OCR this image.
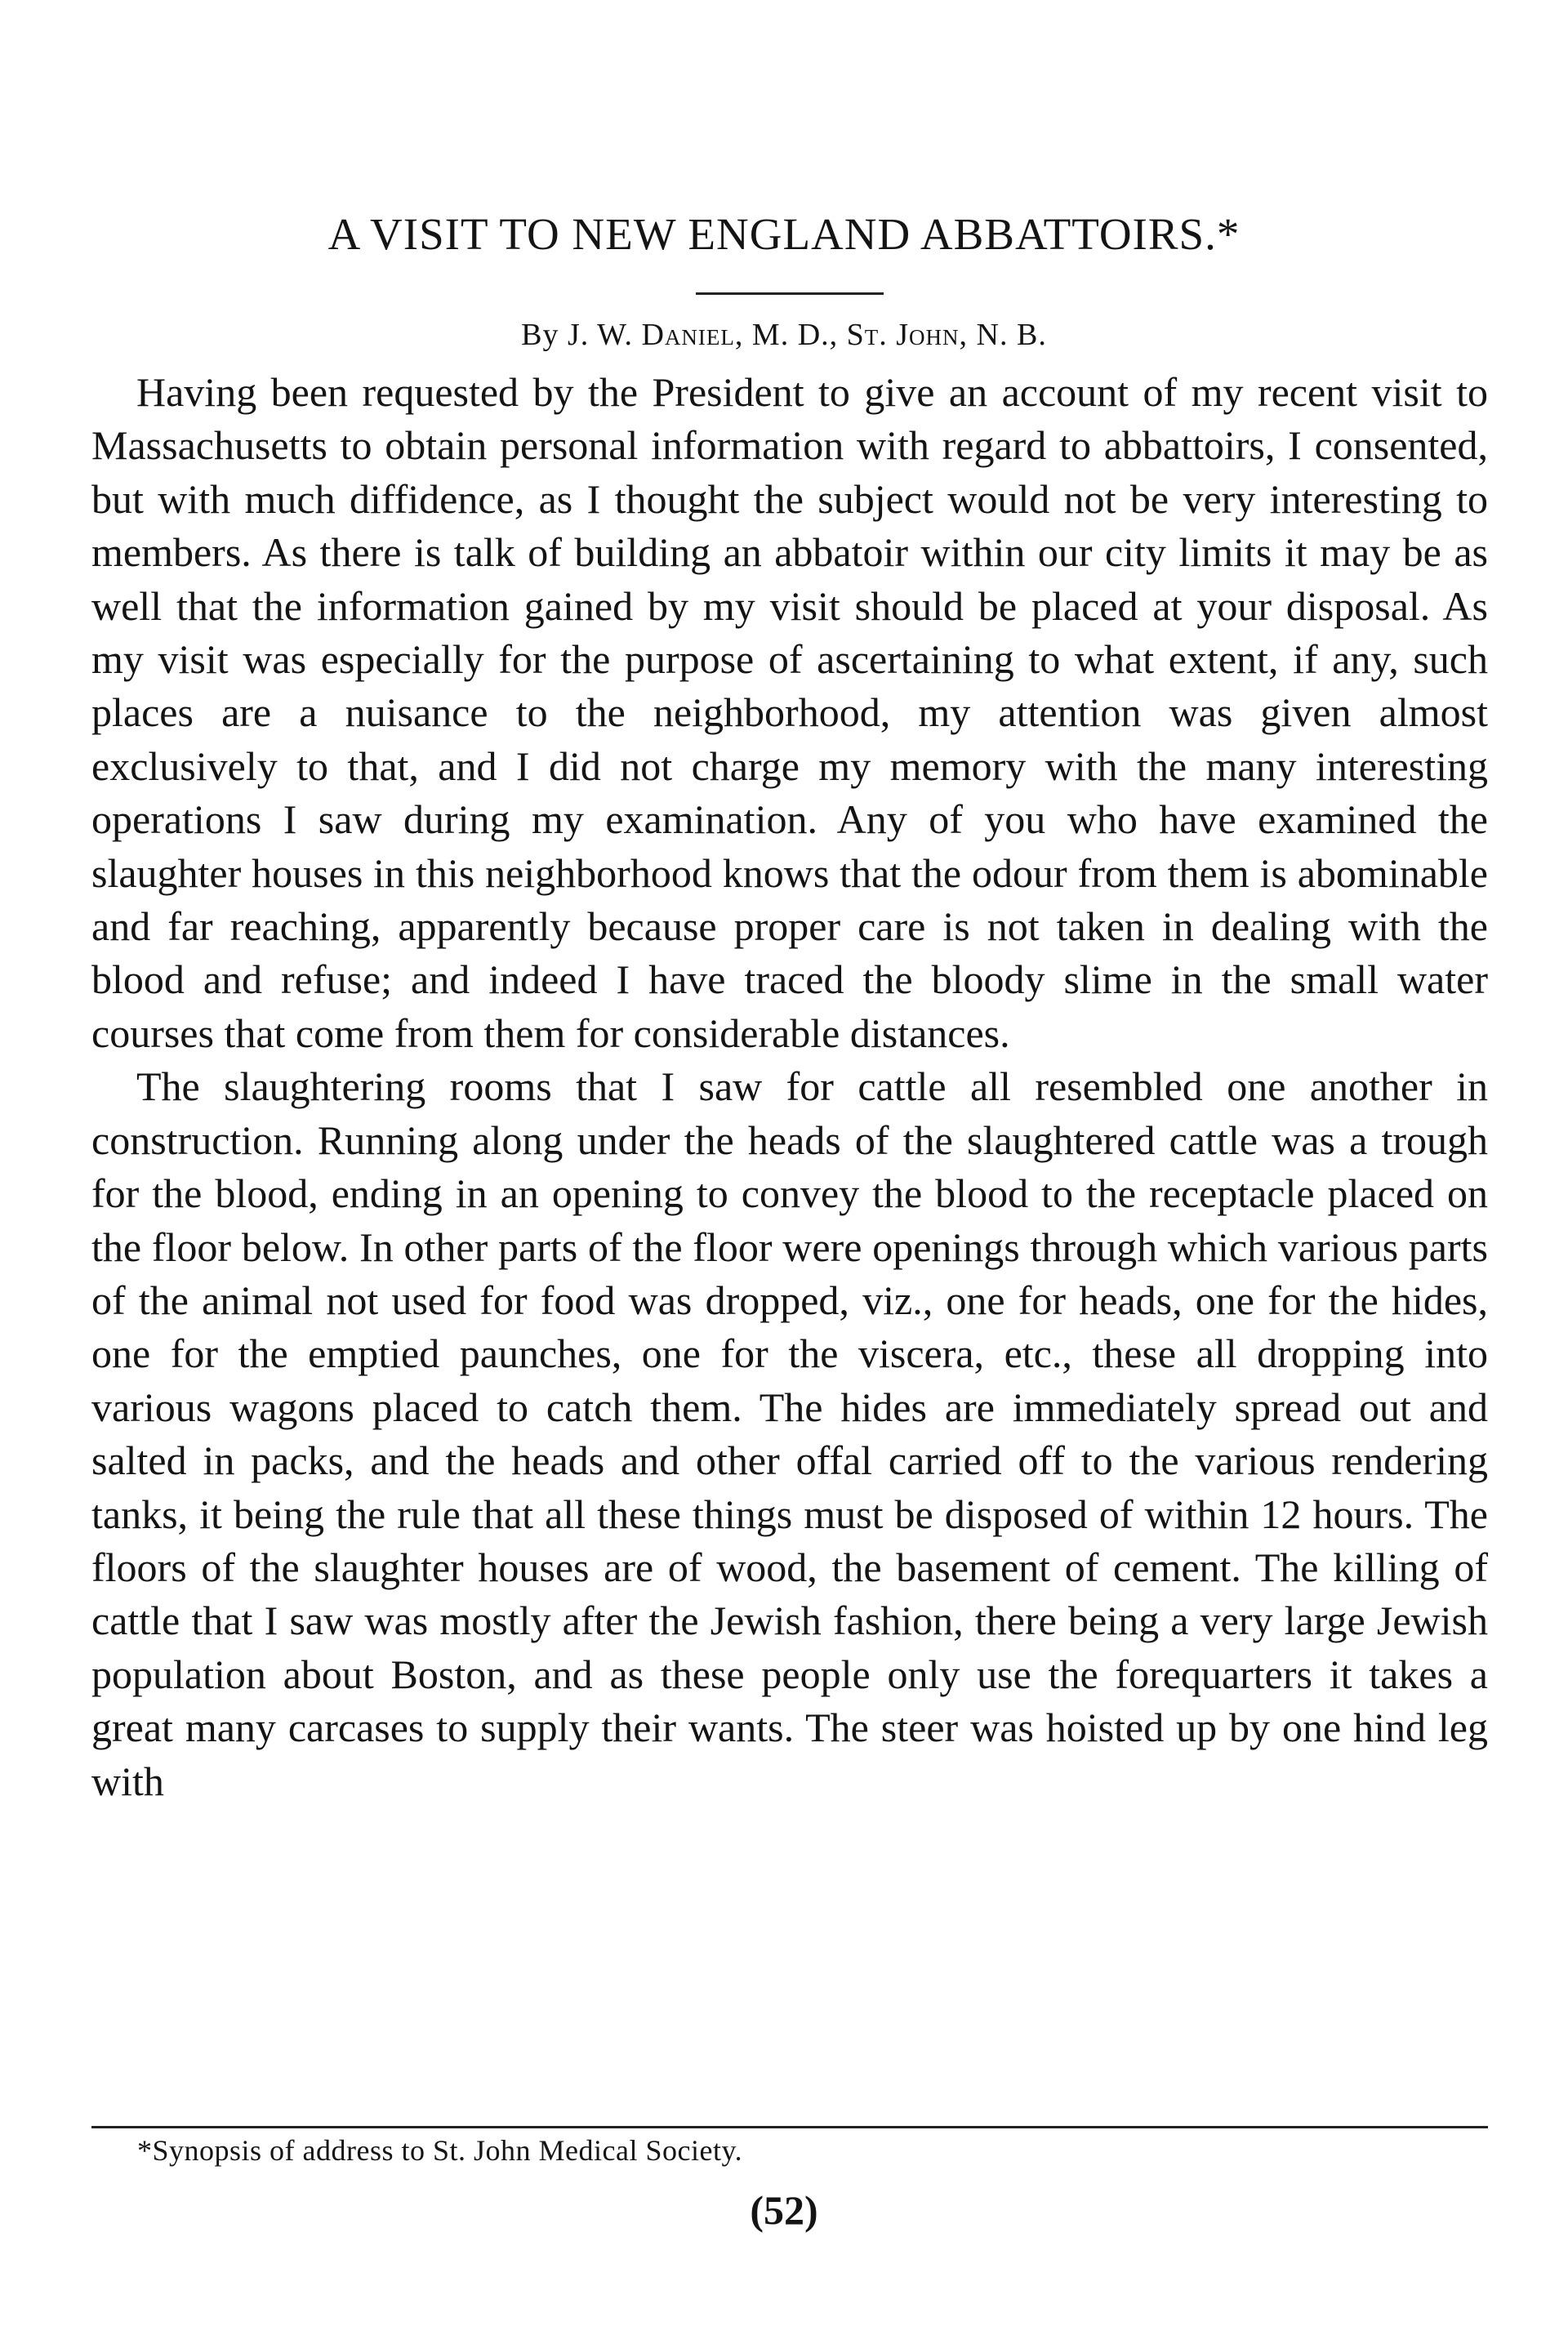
A VISIT TO NEW ENGLAND ABBATTOIRS.*
By J. W. Daniel, M. D., St. John, N. B.

Having been requested by the President to give an account of my recent visit to Massachusetts to obtain personal information with regard to abbattoirs, I consented, but with much diffidence, as I thought the subject would not be very interesting to members. As there is talk of building an abbatoir within our city limits it may be as well that the information gained by my visit should be placed at your disposal. As my visit was especially for the purpose of ascertaining to what extent, if any, such places are a nuisance to the neighborhood, my attention was given almost exclusively to that, and I did not charge my memory with the many interesting operations I saw during my examination. Any of you who have examined the slaughter houses in this neighborhood knows that the odour from them is abominable and far reaching, apparently because proper care is not taken in dealing with the blood and refuse; and indeed I have traced the bloody slime in the small water courses that come from them for considerable distances.

The slaughtering rooms that I saw for cattle all resembled one another in construction. Running along under the heads of the slaughtered cattle was a trough for the blood, ending in an opening to convey the blood to the receptacle placed on the floor below. In other parts of the floor were openings through which various parts of the animal not used for food was dropped, viz., one for heads, one for the hides, one for the emptied paunches, one for the viscera, etc., these all dropping into various wagons placed to catch them. The hides are immediately spread out and salted in packs, and the heads and other offal carried off to the various rendering tanks, it being the rule that all these things must be disposed of within 12 hours. The floors of the slaughter houses are of wood, the basement of cement. The killing of cattle that I saw was mostly after the Jewish fashion, there being a very large Jewish population about Boston, and as these people only use the forequarters it takes a great many carcases to supply their wants. The steer was hoisted up by one hind leg with

*Synopsis of address to St. John Medical Society.
(52)
